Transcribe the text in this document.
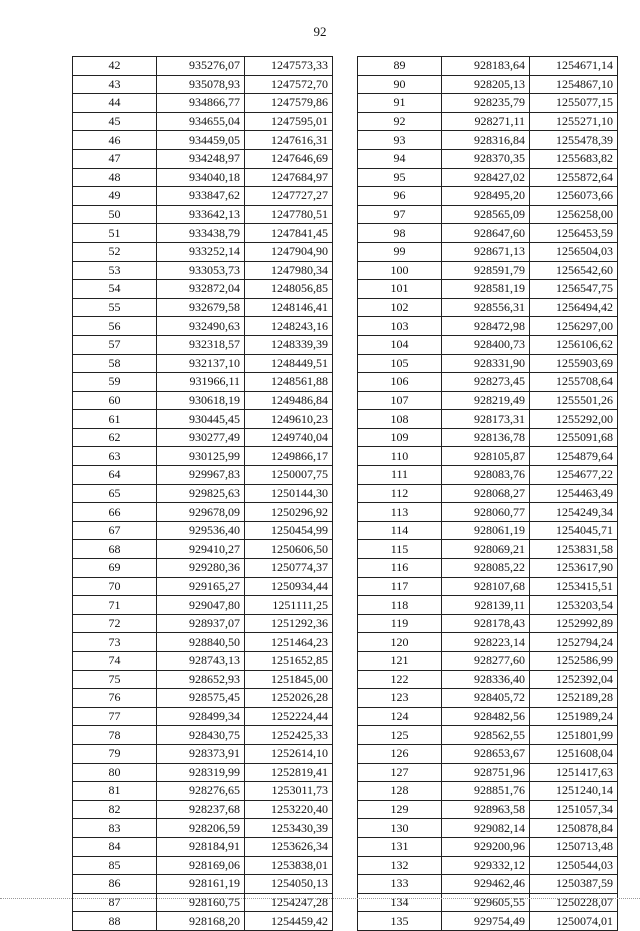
92
42	935276,07	1247573,33
43	935078,93	1247572,70
44	934866,77	1247579,86
45	934655,04	1247595,01
46	934459,05	1247616,31
47	934248,97	1247646,69
48	934040,18	1247684,97
49	933847,62	1247727,27
50	933642,13	1247780,51
51	933438,79	1247841,45
52	933252,14	1247904,90
53	933053,73	1247980,34
54	932872,04	1248056,85
55	932679,58	1248146,41
56	932490,63	1248243,16
57	932318,57	1248339,39
58	932137,10	1248449,51
59	931966,11	1248561,88
60	930618,19	1249486,84
61	930445,45	1249610,23
62	930277,49	1249740,04
63	930125,99	1249866,17
64	929967,83	1250007,75
65	929825,63	1250144,30
66	929678,09	1250296,92
67	929536,40	1250454,99
68	929410,27	1250606,50
69	929280,36	1250774,37
70	929165,27	1250934,44
71	929047,80	1251111,25
72	928937,07	1251292,36
73	928840,50	1251464,23
74	928743,13	1251652,85
75	928652,93	1251845,00
76	928575,45	1252026,28
77	928499,34	1252224,44
78	928430,75	1252425,33
79	928373,91	1252614,10
80	928319,99	1252819,41
81	928276,65	1253011,73
82	928237,68	1253220,40
83	928206,59	1253430,39
84	928184,91	1253626,34
85	928169,06	1253838,01
86	928161,19	1254050,13
87	928160,75	1254247,28
88	928168,20	1254459,42
89	928183,64	1254671,14
90	928205,13	1254867,10
91	928235,79	1255077,15
92	928271,11	1255271,10
93	928316,84	1255478,39
94	928370,35	1255683,82
95	928427,02	1255872,64
96	928495,20	1256073,66
97	928565,09	1256258,00
98	928647,60	1256453,59
99	928671,13	1256504,03
100	928591,79	1256542,60
101	928581,19	1256547,75
102	928556,31	1256494,42
103	928472,98	1256297,00
104	928400,73	1256106,62
105	928331,90	1255903,69
106	928273,45	1255708,64
107	928219,49	1255501,26
108	928173,31	1255292,00
109	928136,78	1255091,68
110	928105,87	1254879,64
111	928083,76	1254677,22
112	928068,27	1254463,49
113	928060,77	1254249,34
114	928061,19	1254045,71
115	928069,21	1253831,58
116	928085,22	1253617,90
117	928107,68	1253415,51
118	928139,11	1253203,54
119	928178,43	1252992,89
120	928223,14	1252794,24
121	928277,60	1252586,99
122	928336,40	1252392,04
123	928405,72	1252189,28
124	928482,56	1251989,24
125	928562,55	1251801,99
126	928653,67	1251608,04
127	928751,96	1251417,63
128	928851,76	1251240,14
129	928963,58	1251057,34
130	929082,14	1250878,84
131	929200,96	1250713,48
132	929332,12	1250544,03
133	929462,46	1250387,59
134	929605,55	1250228,07
135	929754,49	1250074,01
